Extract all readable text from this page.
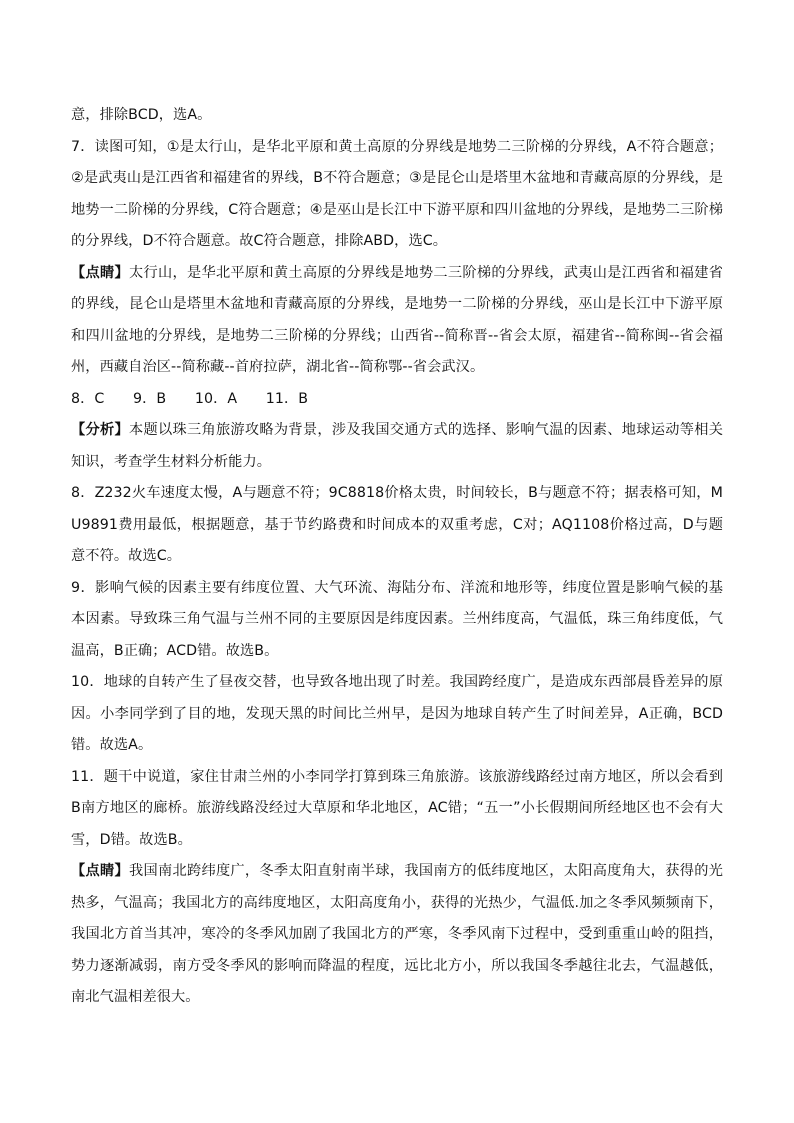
意，排除BCD，选A。

7．读图可知，①是太行山，是华北平原和黄土高原的分界线是地势二三阶梯的分界线，A不符合题意；②是武夷山是江西省和福建省的界线，B不符合题意；③是昆仑山是塔里木盆地和青藏高原的分界线，是地势一二阶梯的分界线，C符合题意；④是巫山是长江中下游平原和四川盆地的分界线，是地势二三阶梯的分界线，D不符合题意。故C符合题意，排除ABD，选C。

【点睛】太行山，是华北平原和黄土高原的分界线是地势二三阶梯的分界线，武夷山是江西省和福建省的界线，昆仑山是塔里木盆地和青藏高原的分界线，是地势一二阶梯的分界线，巫山是长江中下游平原和四川盆地的分界线，是地势二三阶梯的分界线；山西省--简称晋--省会太原，福建省--简称闽--省会福州，西藏自治区--简称藏--首府拉萨，湖北省--简称鄂--省会武汉。

8．C　　9．B　　10．A　　11．B

【分析】本题以珠三角旅游攻略为背景，涉及我国交通方式的选择、影响气温的因素、地球运动等相关知识，考查学生材料分析能力。

8．Z232火车速度太慢，A与题意不符；9C8818价格太贵，时间较长，B与题意不符；据表格可知，MU9891费用最低，根据题意，基于节约路费和时间成本的双重考虑，C对；AQ1108价格过高，D与题意不符。故选C。

9．影响气候的因素主要有纬度位置、大气环流、海陆分布、洋流和地形等，纬度位置是影响气候的基本因素。导致珠三角气温与兰州不同的主要原因是纬度因素。兰州纬度高，气温低，珠三角纬度低，气温高，B正确；ACD错。故选B。

10．地球的自转产生了昼夜交替，也导致各地出现了时差。我国跨经度广，是造成东西部晨昏差异的原因。小李同学到了目的地，发现天黑的时间比兰州早，是因为地球自转产生了时间差异，A正确，BCD错。故选A。

11．题干中说道，家住甘肃兰州的小李同学打算到珠三角旅游。该旅游线路经过南方地区，所以会看到B南方地区的廊桥。旅游线路没经过大草原和华北地区，AC错；“五一”小长假期间所经地区也不会有大雪，D错。故选B。

【点睛】我国南北跨纬度广，冬季太阳直射南半球，我国南方的低纬度地区，太阳高度角大，获得的光热多，气温高；我国北方的高纬度地区，太阳高度角小，获得的光热少，气温低.加之冬季风频频南下，我国北方首当其冲，寒冷的冬季风加剧了我国北方的严寒，冬季风南下过程中，受到重重山岭的阻挡，势力逐渐减弱，南方受冬季风的影响而降温的程度，远比北方小，所以我国冬季越往北去，气温越低，南北气温相差很大。
